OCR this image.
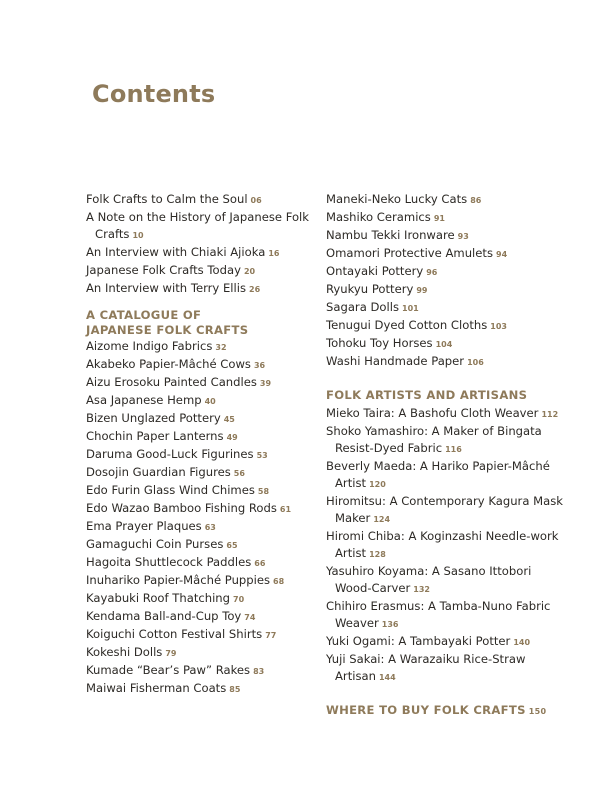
Contents
Folk Crafts to Calm the Soul 06
A Note on the History of Japanese Folk Crafts 10
An Interview with Chiaki Ajioka 16
Japanese Folk Crafts Today 20
An Interview with Terry Ellis 26
A CATALOGUE OF
JAPANESE FOLK CRAFTS
Aizome Indigo Fabrics 32
Akabeko Papier-Mâché Cows 36
Aizu Erosoku Painted Candles 39
Asa Japanese Hemp 40
Bizen Unglazed Pottery 45
Chochin Paper Lanterns 49
Daruma Good-Luck Figurines 53
Dosojin Guardian Figures 56
Edo Furin Glass Wind Chimes 58
Edo Wazao Bamboo Fishing Rods 61
Ema Prayer Plaques 63
Gamaguchi Coin Purses 65
Hagoita Shuttlecock Paddles 66
Inuhariko Papier-Mâché Puppies 68
Kayabuki Roof Thatching 70
Kendama Ball-and-Cup Toy 74
Koiguchi Cotton Festival Shirts 77
Kokeshi Dolls 79
Kumade “Bear’s Paw” Rakes 83
Maiwai Fisherman Coats 85
Maneki-Neko Lucky Cats 86
Mashiko Ceramics 91
Nambu Tekki Ironware 93
Omamori Protective Amulets 94
Ontayaki Pottery 96
Ryukyu Pottery 99
Sagara Dolls 101
Tenugui Dyed Cotton Cloths 103
Tohoku Toy Horses 104
Washi Handmade Paper 106
FOLK ARTISTS AND ARTISANS
Mieko Taira: A Bashofu Cloth Weaver 112
Shoko Yamashiro: A Maker of Bingata Resist-Dyed Fabric 116
Beverly Maeda: A Hariko Papier-Mâché Artist 120
Hiromitsu: A Contemporary Kagura Mask Maker 124
Hiromi Chiba: A Koginzashi Needle-work Artist 128
Yasuhiro Koyama: A Sasano Ittobori Wood-Carver 132
Chihiro Erasmus: A Tamba-Nuno Fabric Weaver 136
Yuki Ogami: A Tambayaki Potter 140
Yuji Sakai: A Warazaiku Rice-Straw Artisan 144
WHERE TO BUY FOLK CRAFTS 150
